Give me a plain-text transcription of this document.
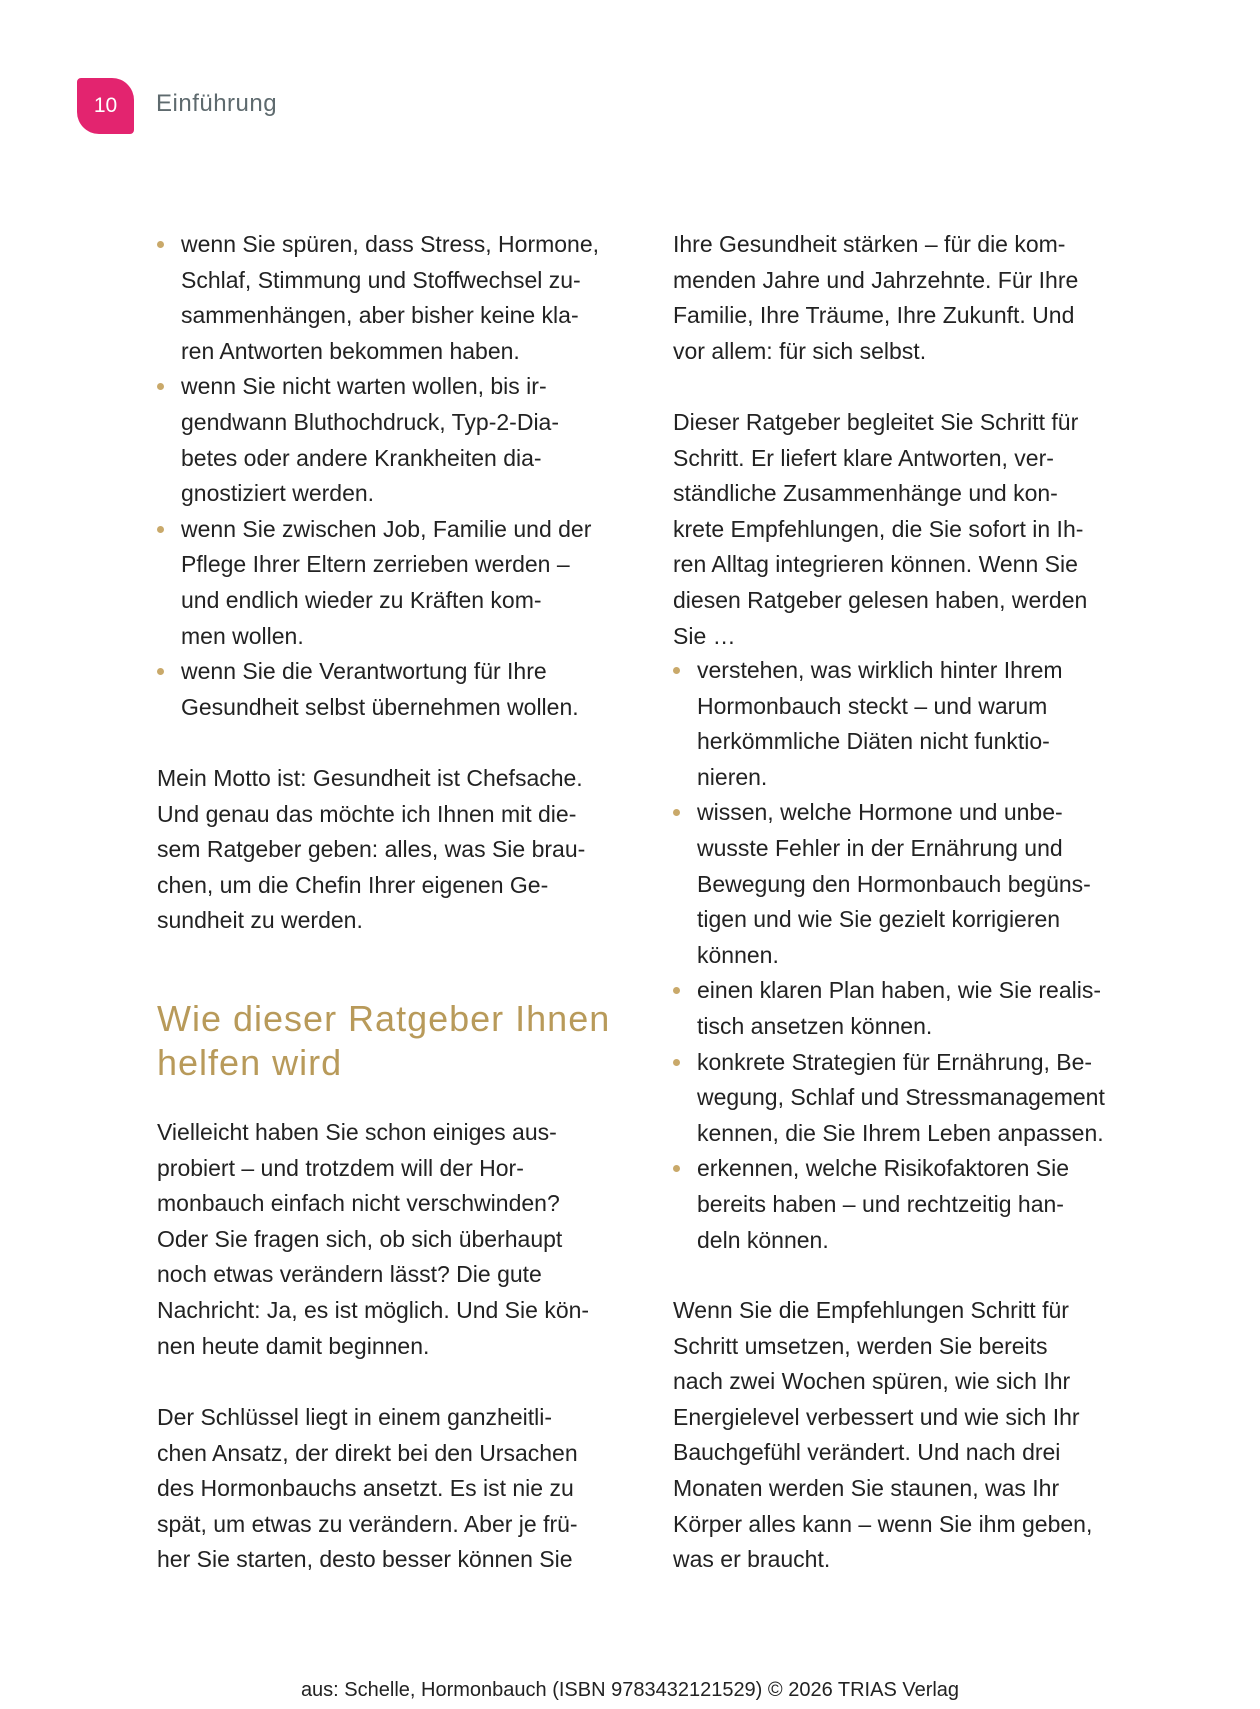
10	Einführung
wenn Sie spüren, dass Stress, Hormone,
Schlaf, Stimmung und Stoffwechsel zu-
sammenhängen, aber bisher keine kla-
ren Antworten bekommen haben.
wenn Sie nicht warten wollen, bis ir-
gendwann Bluthochdruck, Typ-2-Dia-
betes oder andere Krankheiten dia-
gnostiziert werden.
wenn Sie zwischen Job, Familie und der
Pflege Ihrer Eltern zerrieben werden –
und endlich wieder zu Kräften kom-
men wollen.
wenn Sie die Verantwortung für Ihre
Gesundheit selbst übernehmen wollen.
Mein Motto ist: Gesundheit ist Chefsache.
Und genau das möchte ich Ihnen mit die-
sem Ratgeber geben: alles, was Sie brau-
chen, um die Chefin Ihrer eigenen Ge-
sundheit zu werden.
Wie dieser Ratgeber Ihnen
helfen wird
Vielleicht haben Sie schon einiges aus-
probiert – und trotzdem will der Hor-
monbauch einfach nicht verschwinden?
Oder Sie fragen sich, ob sich überhaupt
noch etwas verändern lässt? Die gute
Nachricht: Ja, es ist möglich. Und Sie kön-
nen heute damit beginnen.
Der Schlüssel liegt in einem ganzheitli-
chen Ansatz, der direkt bei den Ursachen
des Hormonbauchs ansetzt. Es ist nie zu
spät, um etwas zu verändern. Aber je frü-
her Sie starten, desto besser können Sie
Ihre Gesundheit stärken – für die kom-
menden Jahre und Jahrzehnte. Für Ihre
Familie, Ihre Träume, Ihre Zukunft. Und
vor allem: für sich selbst.
Dieser Ratgeber begleitet Sie Schritt für
Schritt. Er liefert klare Antworten, ver-
ständliche Zusammenhänge und kon-
krete Empfehlungen, die Sie sofort in Ih-
ren Alltag integrieren können. Wenn Sie
diesen Ratgeber gelesen haben, werden
Sie …
verstehen, was wirklich hinter Ihrem
Hormonbauch steckt – und warum
herkömmliche Diäten nicht funktio-
nieren.
wissen, welche Hormone und unbe-
wusste Fehler in der Ernährung und
Bewegung den Hormonbauch begüns-
tigen und wie Sie gezielt korrigieren
können.
einen klaren Plan haben, wie Sie realis-
tisch ansetzen können.
konkrete Strategien für Ernährung, Be-
wegung, Schlaf und Stressmanagement
kennen, die Sie Ihrem Leben anpassen.
erkennen, welche Risikofaktoren Sie
bereits haben – und rechtzeitig han-
deln können.
Wenn Sie die Empfehlungen Schritt für
Schritt umsetzen, werden Sie bereits
nach zwei Wochen spüren, wie sich Ihr
Energielevel verbessert und wie sich Ihr
Bauchgefühl verändert. Und nach drei
Monaten werden Sie staunen, was Ihr
Körper alles kann – wenn Sie ihm geben,
was er braucht.
aus: Schelle, Hormonbauch (ISBN 9783432121529) © 2026 TRIAS Verlag
